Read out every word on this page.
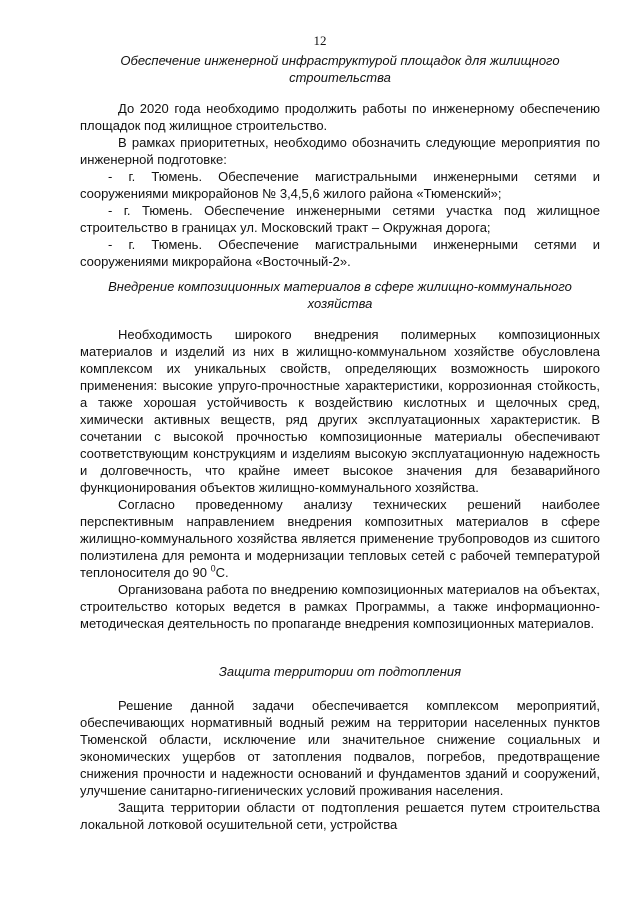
12
Обеспечение инженерной инфраструктурой площадок для жилищного строительства

До 2020 года необходимо продолжить работы по инженерному обеспечению площадок под жилищное строительство.

В рамках приоритетных, необходимо обозначить следующие мероприятия по инженерной подготовке:

- г. Тюмень. Обеспечение магистральными инженерными сетями и сооружениями микрорайонов № 3,4,5,6 жилого района «Тюменский»;

- г. Тюмень. Обеспечение инженерными сетями участка под жилищное строительство в границах ул. Московский тракт – Окружная дорога;

- г. Тюмень. Обеспечение магистральными инженерными сетями и сооружениями микрорайона «Восточный-2».

Внедрение композиционных материалов в сфере жилищно-коммунального хозяйства

Необходимость широкого внедрения полимерных композиционных материалов и изделий из них в жилищно-коммунальном хозяйстве обусловлена комплексом их уникальных свойств, определяющих возможность широкого применения: высокие упруго-прочностные характеристики, коррозионная стойкость, а также хорошая устойчивость к воздействию кислотных и щелочных сред, химически активных веществ, ряд других эксплуатационных характеристик. В сочетании с высокой прочностью композиционные материалы обеспечивают соответствующим конструкциям и изделиям высокую эксплуатационную надежность и долговечность, что крайне имеет высокое значения для безаварийного функционирования объектов жилищно-коммунального хозяйства.

Согласно проведенному анализу технических решений наиболее перспективным направлением внедрения композитных материалов в сфере жилищно-коммунального хозяйства является применение трубопроводов из сшитого полиэтилена для ремонта и модернизации тепловых сетей с рабочей температурой теплоносителя до 90 $^0$С.

Организована работа по внедрению композиционных материалов на объектах, строительство которых ведется в рамках Программы, а также информационно-методическая деятельность по пропаганде внедрения композиционных материалов.

Защита территории от подтопления

Решение данной задачи обеспечивается комплексом мероприятий, обеспечивающих нормативный водный режим на территории населенных пунктов Тюменской области, исключение или значительное снижение социальных и экономических ущербов от затопления подвалов, погребов, предотвращение снижения прочности и надежности оснований и фундаментов зданий и сооружений, улучшение санитарно-гигиенических условий проживания населения.

Защита территории области от подтопления решается путем строительства локальной лотковой осушительной сети, устройства
